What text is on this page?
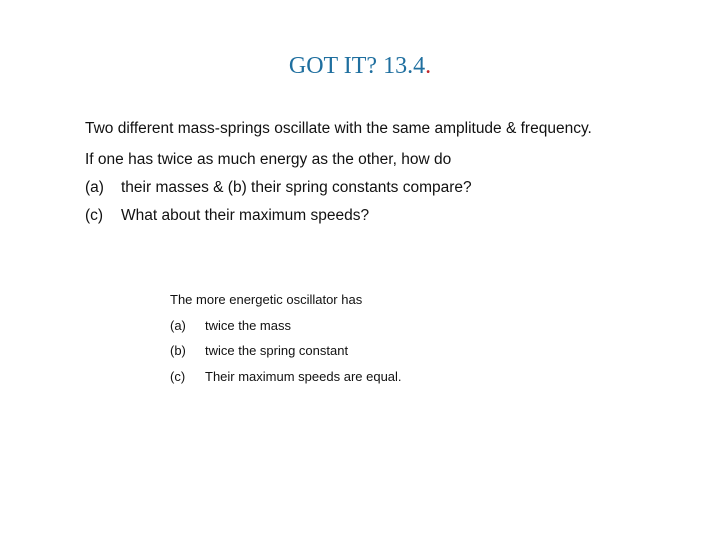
GOT IT? 13.4.
Two different mass-springs oscillate with the same amplitude & frequency.
If one has twice as much energy as the other, how do
(a) their masses & (b) their spring constants compare?
(c) What about their maximum speeds?
The more energetic oscillator has
(a) twice the mass
(b) twice the spring constant
(c) Their maximum speeds are equal.
